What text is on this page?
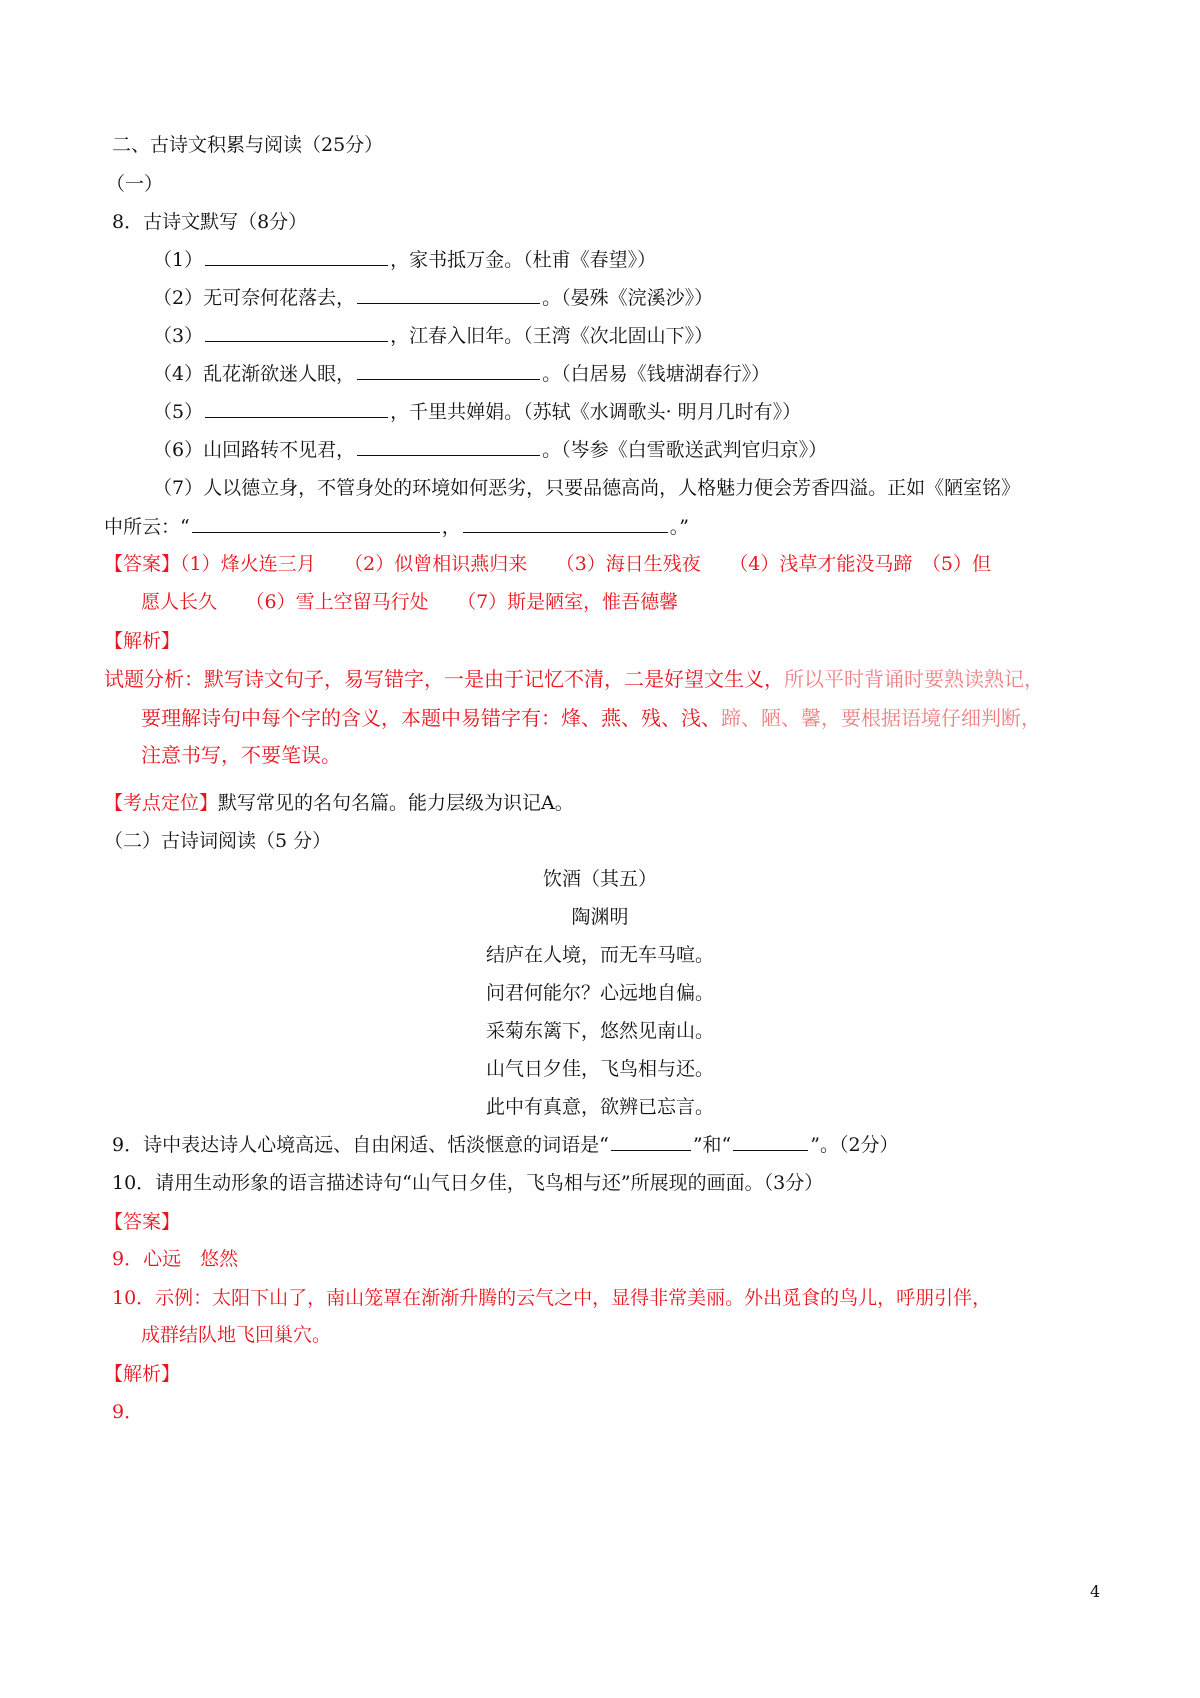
二、古诗文积累与阅读（25分）
（一）
8．古诗文默写（8分）
（1）	，家书抵万金。（杜甫《春望》）
（2）无可奈何花落去，	。（晏殊《浣溪沙》）
（3）	，江春入旧年。（王湾《次北固山下》）
（4）乱花渐欲迷人眼，	。（白居易《钱塘湖春行》）
（5）	，千里共婵娟。（苏轼《水调歌头· 明月几时有》）
（6）山回路转不见君，	。（岑参《白雪歌送武判官归京》）
（7）人以德立身，不管身处的环境如何恶劣，只要品德高尚，人格魅力便会芳香四溢。正如《陋室铭》
中所云：“	，	。”
【答案】（1）烽火连三月　　（2）似曾相识燕归来　　（3）海日生残夜　　（4）浅草才能没马蹄　（5）但
愿人长久　　（6）雪上空留马行处　　（7）斯是陋室，惟吾德馨
【解析】
试题分析：默写诗文句子，易写错字，一是由于记忆不清，二是好望文生义，所以平时背诵时要熟读熟记，
要理解诗句中每个字的含义，本题中易错字有：烽、燕、残、浅、蹄、陋、馨，要根据语境仔细判断，
注意书写，不要笔误。
【考点定位】默写常见的名句名篇。能力层级为识记A。
（二）古诗词阅读（5 分）
饮酒（其五）
陶渊明
结庐在人境，而无车马喧。
问君何能尔？心远地自偏。
采菊东篱下，悠然见南山。
山气日夕佳，飞鸟相与还。
此中有真意，欲辨已忘言。
9．诗中表达诗人心境高远、自由闲适、恬淡惬意的词语是“	”和“	”。（2分）
10．请用生动形象的语言描述诗句“山气日夕佳，飞鸟相与还”所展现的画面。（3分）
【答案】
9．心远　悠然
10．示例：太阳下山了，南山笼罩在渐渐升腾的云气之中，显得非常美丽。外出觅食的鸟儿，呼朋引伴，
成群结队地飞回巢穴。
【解析】
9．
4
